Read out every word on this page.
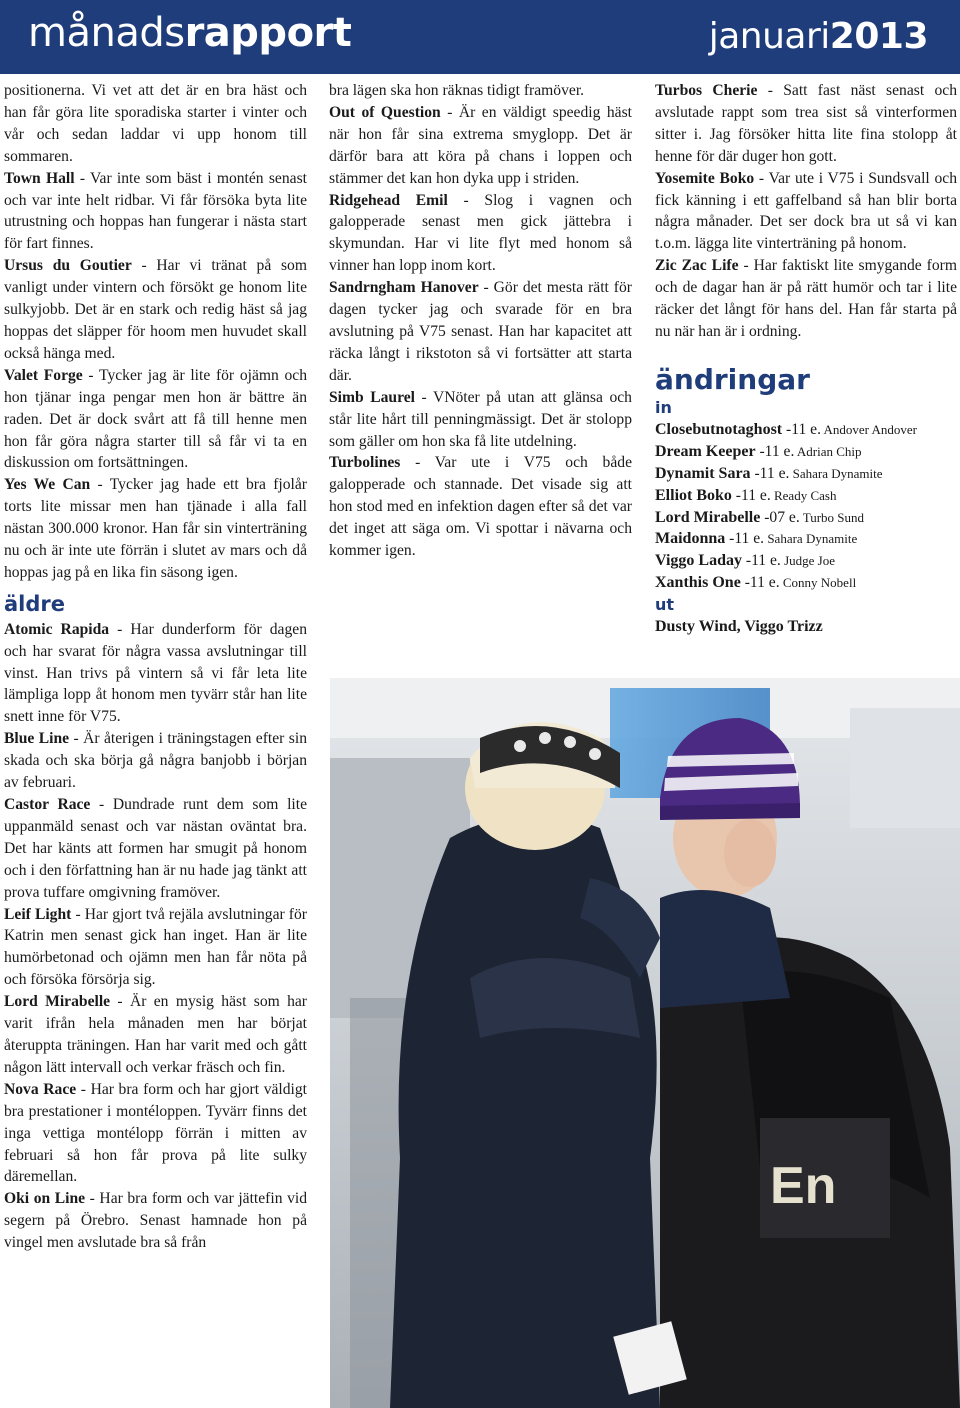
månadsrapport	januari2013

positionerna. Vi vet att det är en bra häst och han får göra lite sporadiska starter i vinter och vår och sedan laddar vi upp honom till sommaren.

Town Hall - Var inte som bäst i montén senast och var inte helt ridbar. Vi får försöka byta lite utrustning och hoppas han fungerar i nästa start för fart finnes.

Ursus du Goutier - Har vi tränat på som vanligt under vintern och försökt ge honom lite sulkyjobb. Det är en stark och redig häst så jag hoppas det släpper för hoom men huvudet skall också hänga med.

Valet Forge - Tycker jag är lite för ojämn och hon tjänar inga pengar men hon är bättre än raden. Det är dock svårt att få till henne men hon får göra några starter till så får vi ta en diskussion om fortsättningen.

Yes We Can - Tycker jag hade ett bra fjolår torts lite missar men han tjänade i alla fall nästan 300.000 kronor. Han får sin vinterträning nu och är inte ute förrän i slutet av mars och då hoppas jag på en lika fin säsong igen.

äldre

Atomic Rapida - Har dunderform för dagen och har svarat för några vassa avslutningar till vinst. Han trivs på vintern så vi får leta lite lämpliga lopp åt honom men tyvärr står han lite snett inne för V75.

Blue Line - Är återigen i träningstagen efter sin skada och ska börja gå några banjobb i början av februari.

Castor Race - Dundrade runt dem som lite uppanmäld senast och var nästan oväntat bra. Det har känts att formen har smugit på honom och i den författning han är nu hade jag tänkt att prova tuffare omgivning framöver.

Leif Light - Har gjort två rejäla avslutningar för Katrin men senast gick han inget. Han är lite humörbetonad och ojämn men han får nöta på och försöka försörja sig.

Lord Mirabelle - Är en mysig häst som har varit ifrån hela månaden men har börjat återuppta träningen. Han har varit med och gått någon lätt intervall och verkar fräsch och fin.

Nova Race - Har bra form och har gjort väldigt bra prestationer i montéloppen. Tyvärr finns det inga vettiga montélopp förrän i mitten av februari så hon får prova på lite sulky däremellan.

Oki on Line - Har bra form och var jättefin vid segern på Örebro. Senast hamnade hon på vingel men avslutade bra så från

bra lägen ska hon räknas tidigt framöver.

Out of Question - Är en väldigt speedig häst när hon får sina extrema smyglopp. Det är därför bara att köra på chans i loppen och stämmer det kan hon dyka upp i striden.

Ridgehead Emil - Slog i vagnen och galopperade senast men gick jättebra i skymundan. Har vi lite flyt med honom så vinner han lopp inom kort.

Sandrngham Hanover - Gör det mesta rätt för dagen tycker jag och svarade för en bra avslutning på V75 senast. Han har kapacitet att räcka långt i rikstoton så vi fortsätter att starta där.

Simb Laurel - VNöter på utan att glänsa och står lite hårt till penningmässigt. Det är stolopp som gäller om hon ska få lite utdelning.

Turbolines - Var ute i V75 och både galopperade och stannade. Det visade sig att hon stod med en infektion dagen efter så det var det inget att säga om. Vi spottar i nävarna och kommer igen.

Turbos Cherie - Satt fast näst senast och avslutade rappt som trea sist så vinterformen sitter i. Jag försöker hitta lite fina stolopp åt henne för där duger hon gott.

Yosemite Boko - Var ute i V75 i Sundsvall och fick känning i ett gaffelband så han blir borta några månader. Det ser dock bra ut så vi kan t.o.m. lägga lite vinterträning på honom.

Zic Zac Life - Har faktiskt lite smygande form och de dagar han är på rätt humör och tar i lite räcker det långt för hans del. Han får starta på nu när han är i ordning.

ändringar
in
Closebutnotaghost -11 e. Andover Andover
Dream Keeper -11 e. Adrian Chip
Dynamit Sara -11 e. Sahara Dynamite
Elliot Boko -11 e. Ready Cash
Lord Mirabelle -07 e. Turbo Sund
Maidonna -11 e. Sahara Dynamite
Viggo Laday -11 e. Judge Joe
Xanthis One -11 e. Conny Nobell
ut
Dusty Wind, Viggo Trizz
En
